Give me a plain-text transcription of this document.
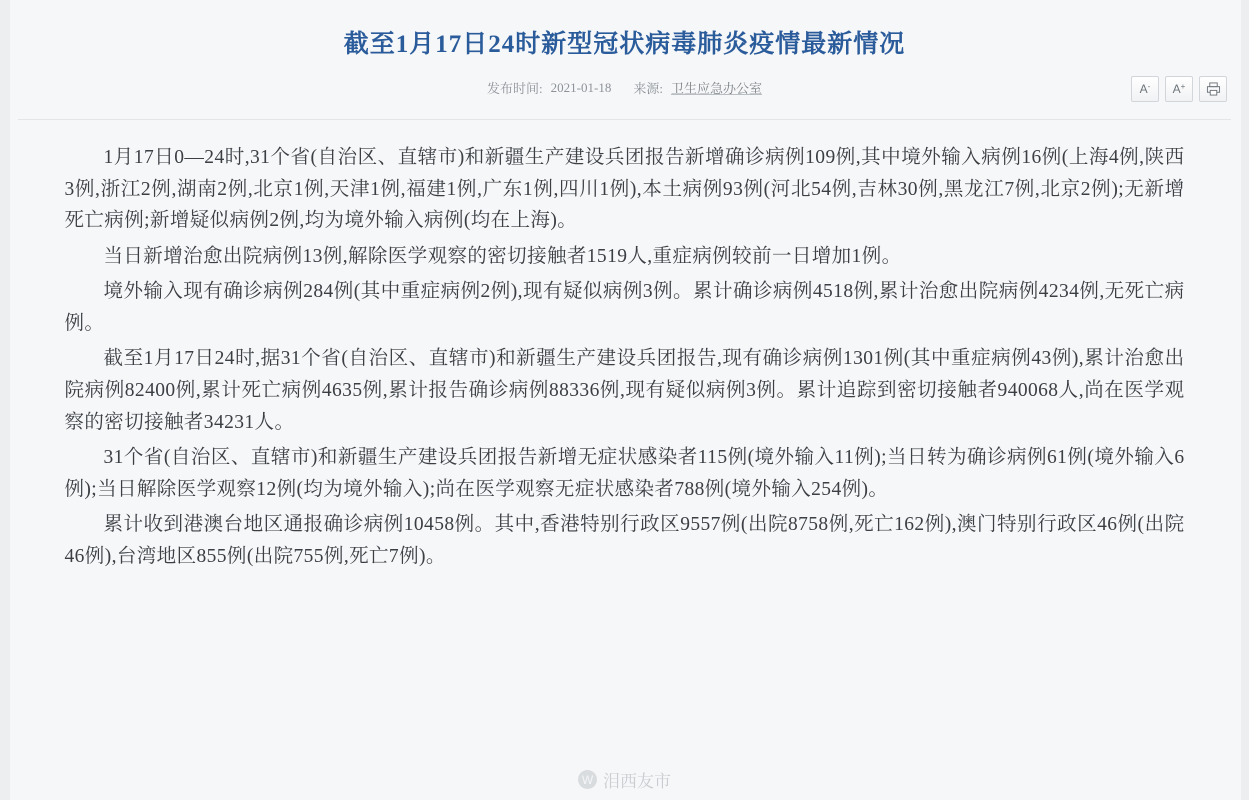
截至1月17日24时新型冠状病毒肺炎疫情最新情况
发布时间: 2021-01-18 来源: 卫生应急办公室	A - A +

1月17日0—24时,31个省(自治区、直辖市)和新疆生产建设兵团报告新增确诊病例109例,其中境外输入病例16例(上海4例,陕西3例,浙江2例,湖南2例,北京1例,天津1例,福建1例,广东1例,四川1例),本土病例93例(河北54例,吉林30例,黑龙江7例,北京2例);无新增死亡病例;新增疑似病例2例,均为境外输入病例(均在上海)。

当日新增治愈出院病例13例,解除医学观察的密切接触者1519人,重症病例较前一日增加1例。

境外输入现有确诊病例284例(其中重症病例2例),现有疑似病例3例。累计确诊病例4518例,累计治愈出院病例4234例,无死亡病例。

截至1月17日24时,据31个省(自治区、直辖市)和新疆生产建设兵团报告,现有确诊病例1301例(其中重症病例43例),累计治愈出院病例82400例,累计死亡病例4635例,累计报告确诊病例88336例,现有疑似病例3例。累计追踪到密切接触者940068人,尚在医学观察的密切接触者34231人。

31个省(自治区、直辖市)和新疆生产建设兵团报告新增无症状感染者115例(境外输入11例);当日转为确诊病例61例(境外输入6例);当日解除医学观察12例(均为境外输入);尚在医学观察无症状感染者788例(境外输入254例)。

累计收到港澳台地区通报确诊病例10458例。其中,香港特别行政区9557例(出院8758例,死亡162例),澳门特别行政区46例(出院46例),台湾地区855例(出院755例,死亡7例)。

W 泪西友市
